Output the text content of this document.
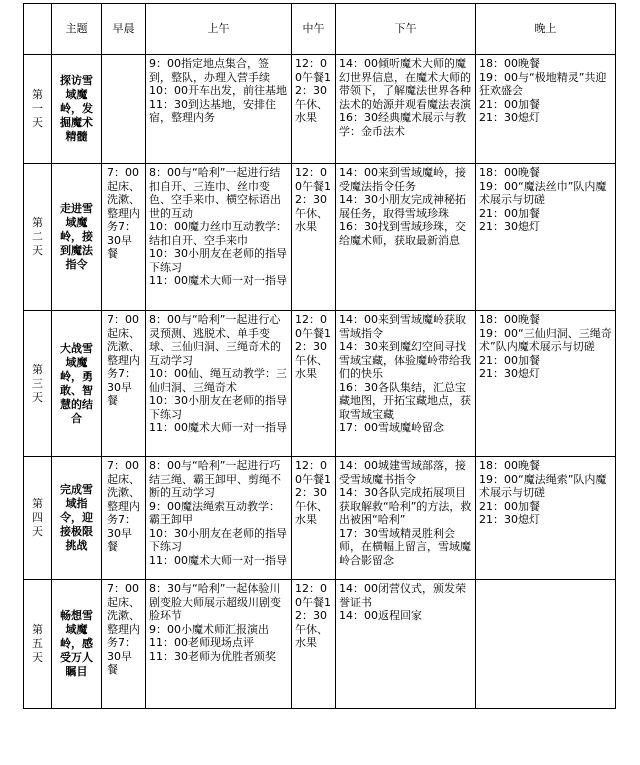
	主题	早晨	上午	中午	下午	晚上
第一天	探访雪域魔岭，发掘魔术精髓		9：00指定地点集合，签到，整队，办理入营手续
10：00开车出发，前往基地
11：30到达基地，安排住宿，整理内务	12：00午餐12：30午休、水果	14：00倾听魔术大师的魔幻世界信息，在魔术大师的带领下，了解魔法世界各种法术的始源并观看魔法表演
16：30经典魔术展示与教学：金币法术	18：00晚餐
19：00与“极地精灵”共迎狂欢盛会
21：00加餐
21：30熄灯

第二天	走进雪域魔岭，接到魔法指令	7：00起床、洗漱、整理内务7：30早餐	8：00与“哈利”一起进行结扣自开、三连巾、丝巾变色、空手来巾、横空标语出世的互动
10：00魔力丝巾互动教学：结扣自开、空手来巾
10：30小朋友在老师的指导下练习
11：00魔术大师一对一指导	12：00午餐12：30午休、水果	14：00来到雪域魔岭，接受魔法指令任务
14：30小朋友完成神秘拓展任务，取得雪域珍珠
16：30找到雪域珍珠，交给魔术师，获取最新消息	18：00晚餐
19：00“魔法丝巾”队内魔术展示与切磋
21：00加餐
21：30熄灯

第三天	大战雪域魔岭，勇敢、智慧的结合	7：00起床、洗漱、整理内务7：30早餐	8：00与“哈利”一起进行心灵预测、逃脱术、单手变球、三仙归洞、三绳奇术的互动学习
10：00仙、绳互动教学：三仙归洞、三绳奇术
10：30小朋友在老师的指导下练习
11：00魔术大师一对一指导	12：00午餐12：30午休、水果	14：00来到雪域魔岭获取雪域指令
14：30来到魔幻空间寻找雪域宝藏，体验魔岭带给我们的快乐
16：30各队集结，汇总宝藏地图，开拓宝藏地点，获取雪域宝藏
17：00雪域魔岭留念	18：00晚餐
19：00“三仙归洞、三绳奇术”队内魔术展示与切磋
21：00加餐
21：30熄灯

第四天	完成雪域指令，迎接极限挑战	7：00起床、洗漱、整理内务7：30早餐	8：00与“哈利”一起进行巧结三绳、霸王卸甲、剪绳不断的互动学习
9：00魔法绳索互动教学：霸王卸甲
10：30小朋友在老师的指导下练习
11：00魔术大师一对一指导	12：00午餐12：30午休、水果	14：00城建雪域部落，接受雪域魔书指令
14：30各队完成拓展项目获取解救“哈利”的方法，救出被困“哈利”
17：30雪域精灵胜利会师，在横幅上留言，雪域魔岭合影留念	18：00晚餐
19：00“魔法绳索”队内魔术展示与切磋
21：00加餐
21：30熄灯

第五天	畅想雪域魔岭，感受万人瞩目	7：00起床、洗漱、整理内务7：30早餐	8：30与“哈利”一起体验川剧变脸大师展示超级川剧变脸环节
9：00小魔术师汇报演出
11：00老师现场点评
11：30老师为优胜者颁奖	12：00午餐12：30午休、水果	14：00闭营仪式，颁发荣誉证书
14：00返程回家	
